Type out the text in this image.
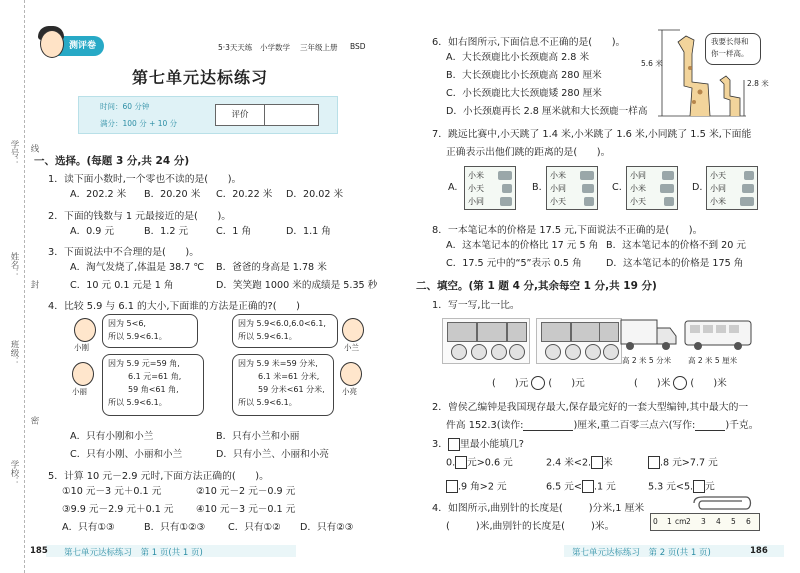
学号： 线
姓名：
封
班级：
密
学校：
测评卷	5·3天天练 小学数学 三年级上册 BSD
第七单元达标练习
时间：60 分钟
满分：100 分 + 10 分
评价
一、选择。(每题 3 分,共 24 分)
1．读下面小数时,一个零也不读的是(　　)。
A．202.2 米 B．20.20 米 C．20.22 米 D．20.02 米
2．下面的钱数与 1 元最接近的是(　　)。
A．0.9 元	B．1.2 元	C．1 角	D．1.1 角
3．下面说法中不合理的是(　　)。
A．淘气发烧了,体温是 38.7 ℃ B．爸爸的身高是 1.78 米
C．10 元 0.1 元是 1 角	D．笑笑跑 1000 米的成绩是 5.35 秒
4．比较 5.9 与 6.1 的大小,下面谁的方法是正确的?(　　)
小刚
因为 5<6,
所以 5.9<6.1。
因为 5.9<6.0,6.0<6.1,
所以 5.9<6.1。
小兰
小丽
因为 5.9 元=59 角,
6.1 元=61 角,
59 角<61 角,
所以 5.9<6.1。
因为 5.9 米=59 分米,
6.1 米=61 分米,
59 分米<61 分米,
所以 5.9<6.1。
小亮
A．只有小刚和小兰	B．只有小兰和小丽
C．只有小刚、小丽和小兰	D．只有小兰、小丽和小亮
5．计算 10 元－2.9 元时,下面方法正确的(　　)。
①10 元－3 元＋0.1 元	②10 元－2 元－0.9 元
③9.9 元－2.9 元＋0.1 元 ④10 元－3 元－0.1 元
A．只有①③	B．只有①②③ C．只有①② D．只有②③
185 第七单元达标练习　第 1 页(共 1 页)
6．如右图所示,下面信息不正确的是(　　)。
A．大长颈鹿比小长颈鹿高 2.8 米
B．大长颈鹿比小长颈鹿高 280 厘米
C．小长颈鹿比大长颈鹿矮 280 厘米
D．小长颈鹿再长 2.8 厘米就和大长颈鹿一样高
5.6 米
2.8 米
我要长得和
你一样高。
7．跳远比赛中,小天跳了 1.4 米,小米跳了 1.6 米,小同跳了 1.5 米,下面能
正确表示出他们跳的距离的是(　　)。
A.
小米
小天
小同
B.
小米
小同
小天
C.
小同
小米
小天
D.
小天
小同
小米
8．一本笔记本的价格是 17.5 元,下面说法不正确的是(　　)。
A．这本笔记本的价格比 17 元 5 角 B．这本笔记本的价格不到 20 元
C．17.5 元中的“5”表示 0.5 角	D．这本笔记本的价格是 175 角
二、填空。(第 1 题 4 分,其余每空 1 分,共 19 分)
1．写一写,比一比。
高 2 米 5 分米 高 2 米 5 厘米
(　　)元 (　　)元	(　　)米 (　　)米
2．曾侯乙编钟是我国现存最大,保存最完好的一套大型编钟,其中最大的一
件高 152.3(读作:	)厘米,重二百零三点六(写作:	)千克。
3． 里最小能填几?
0. 元>0.6 元	2.4 米<2. 米	.8 元>7.7 元
.9 角>2 元	6.5 元< .1 元	5.3 元<5. 元
4．如图所示,曲别针的长度是(	)分米,1 厘米
(	)米,曲别针的长度是(	)米。	0 1 cm 2 3 4 5 6
第七单元达标练习　第 2 页(共 1 页)	186
